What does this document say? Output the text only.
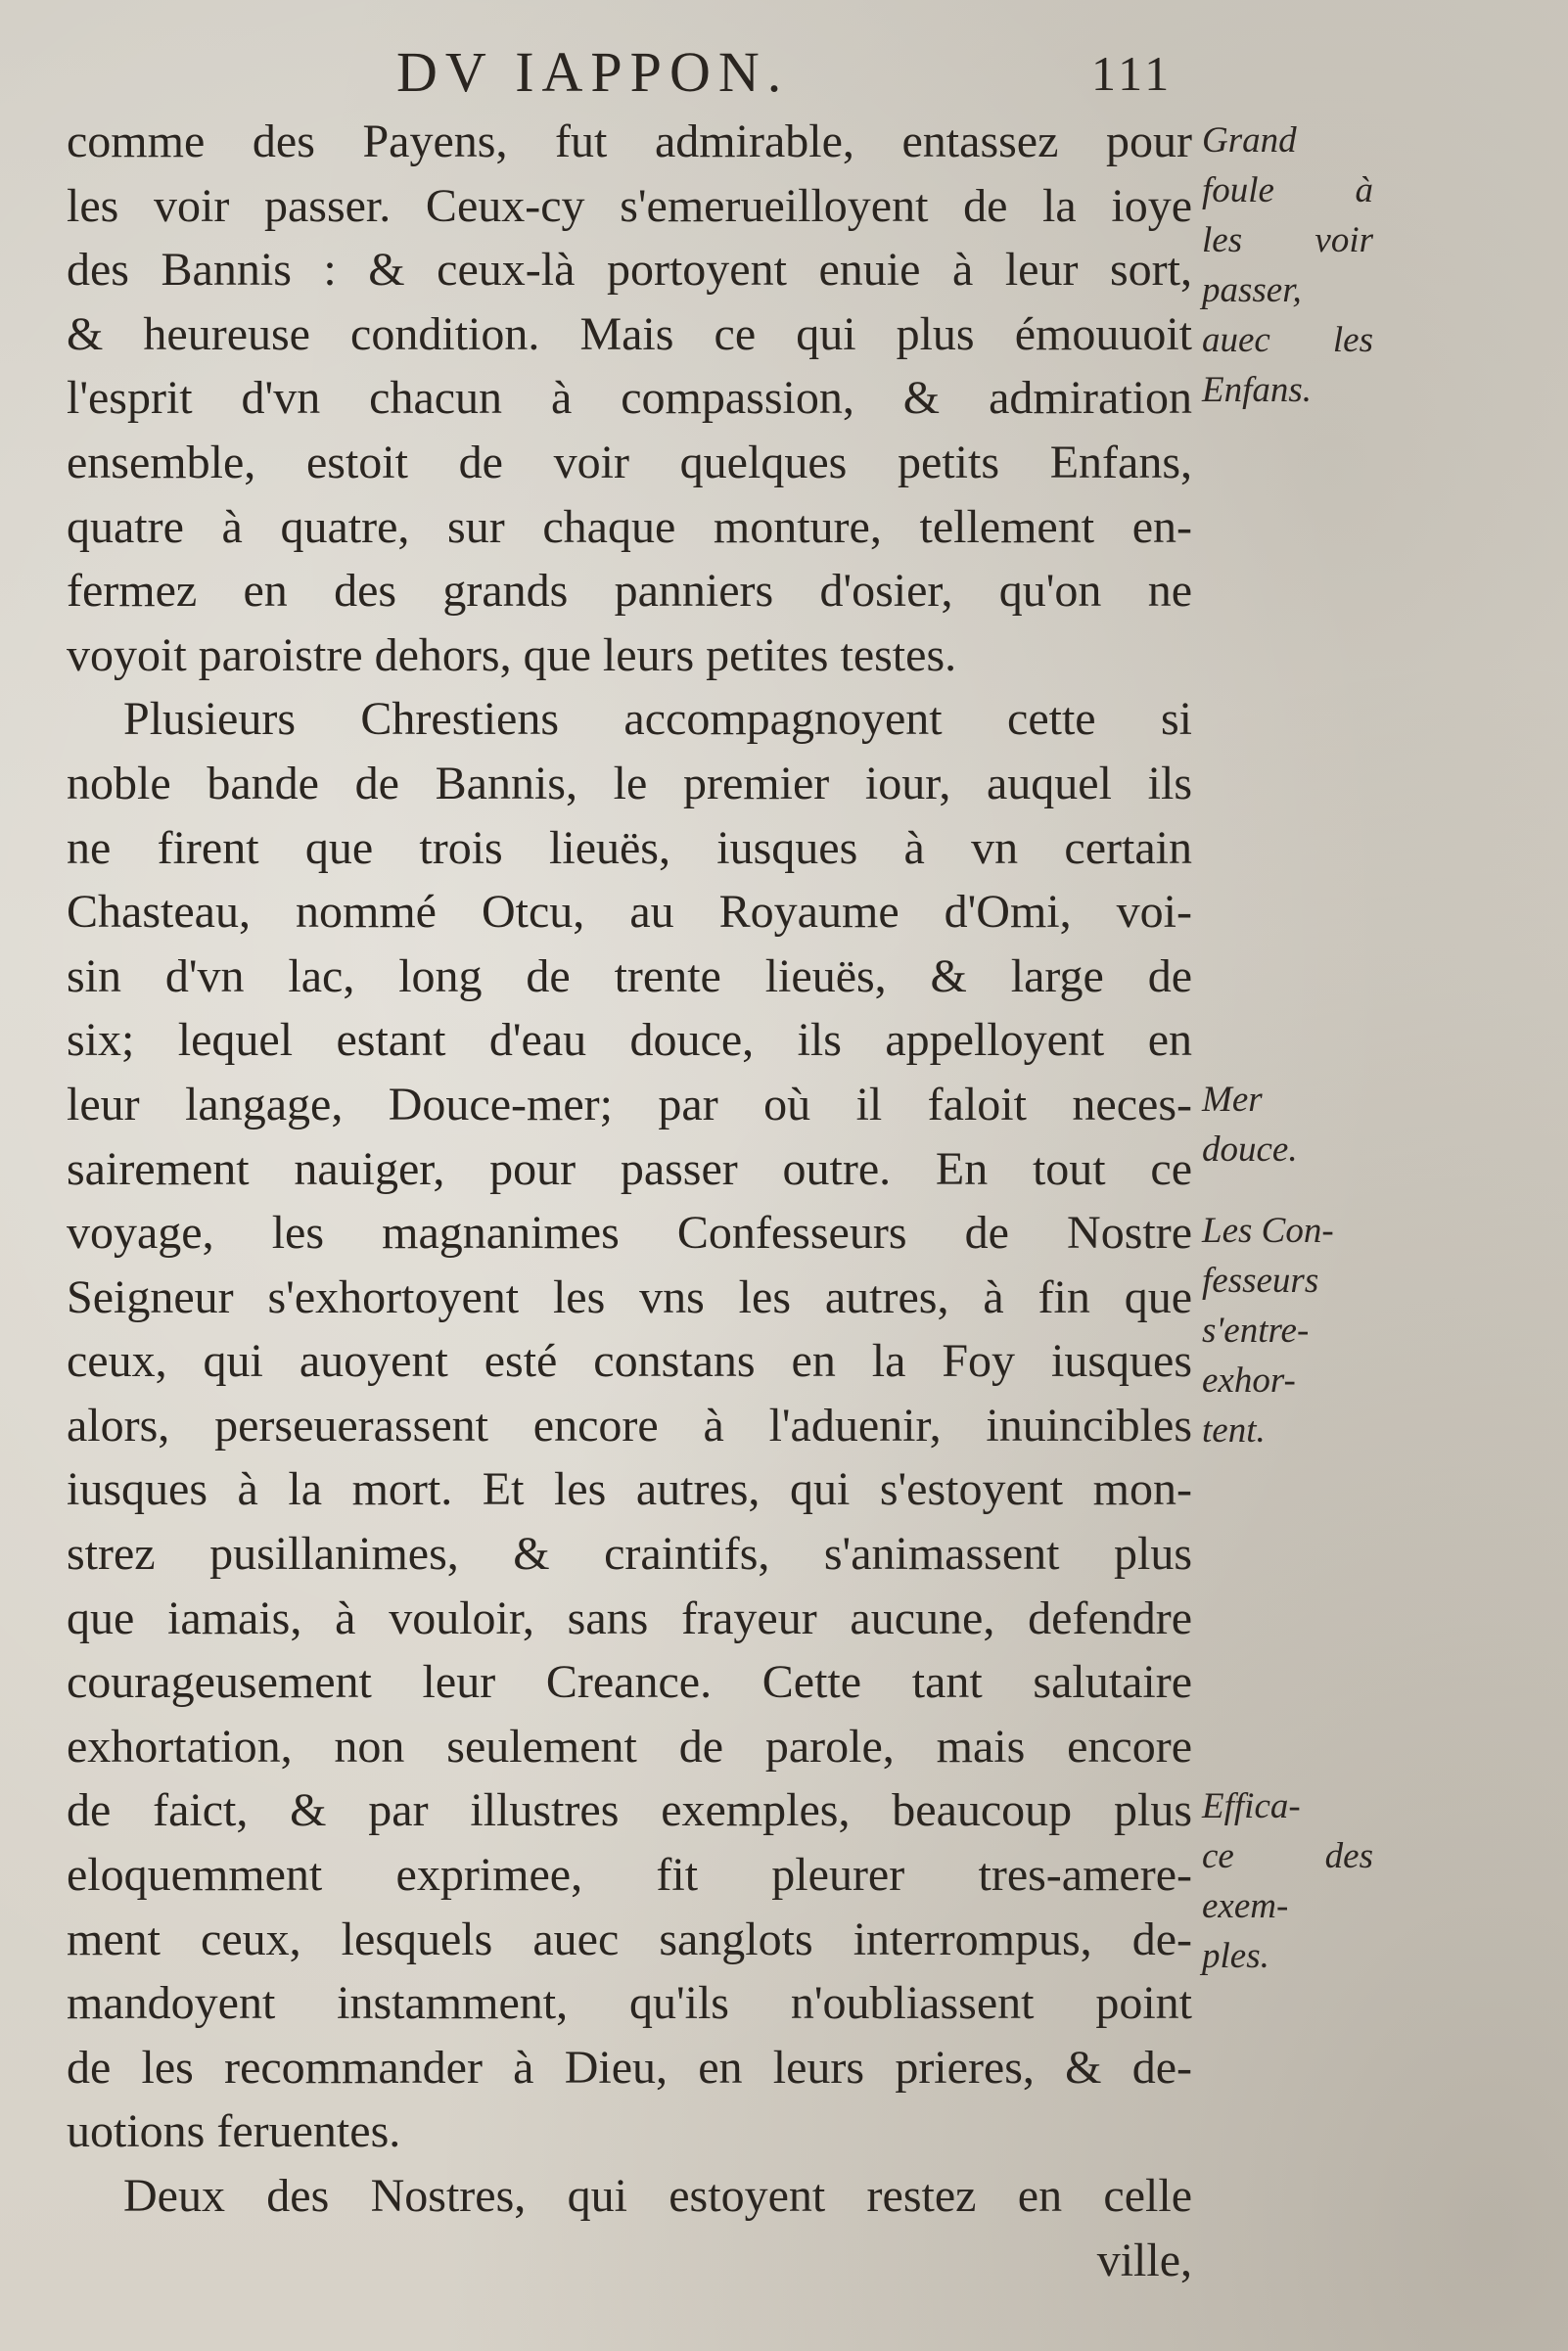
DV IAPPON.	111
comme des Payens, fut admirable, entassez pour
les voir passer. Ceux-cy s'emerueilloyent de la ioye
des Bannis : & ceux-là portoyent enuie à leur sort,
& heureuse condition. Mais ce qui plus émouuoit
l'esprit d'vn chacun à compassion, & admiration
ensemble, estoit de voir quelques petits Enfans,
quatre à quatre, sur chaque monture, tellement en-
fermez en des grands panniers d'osier, qu'on ne
voyoit paroistre dehors, que leurs petites testes.
Plusieurs Chrestiens accompagnoyent cette si
noble bande de Bannis, le premier iour, auquel ils
ne firent que trois lieuës, iusques à vn certain
Chasteau, nommé Otcu, au Royaume d'Omi, voi-
sin d'vn lac, long de trente lieuës, & large de
six; lequel estant d'eau douce, ils appelloyent en
leur langage, Douce-mer; par où il faloit neces-
sairement nauiger, pour passer outre. En tout ce
voyage, les magnanimes Confesseurs de Nostre
Seigneur s'exhortoyent les vns les autres, à fin que
ceux, qui auoyent esté constans en la Foy iusques
alors, perseuerassent encore à l'aduenir, inuincibles
iusques à la mort. Et les autres, qui s'estoyent mon-
strez pusillanimes, & craintifs, s'animassent plus
que iamais, à vouloir, sans frayeur aucune, defendre
courageusement leur Creance. Cette tant salutaire
exhortation, non seulement de parole, mais encore
de faict, & par illustres exemples, beaucoup plus
eloquemment exprimee, fit pleurer tres-amere-
ment ceux, lesquels auec sanglots interrompus, de-
mandoyent instamment, qu'ils n'oubliassent point
de les recommander à Dieu, en leurs prieres, & de-
uotions feruentes.
Deux des Nostres, qui estoyent restez en celle
ville,
Grand
foule à
les voir
passer,
auec les
Enfans.
Mer
douce.
Les Con-
fesseurs
s'entre-
exhor-
tent.
Effica-
ce des
exem-
ples.
